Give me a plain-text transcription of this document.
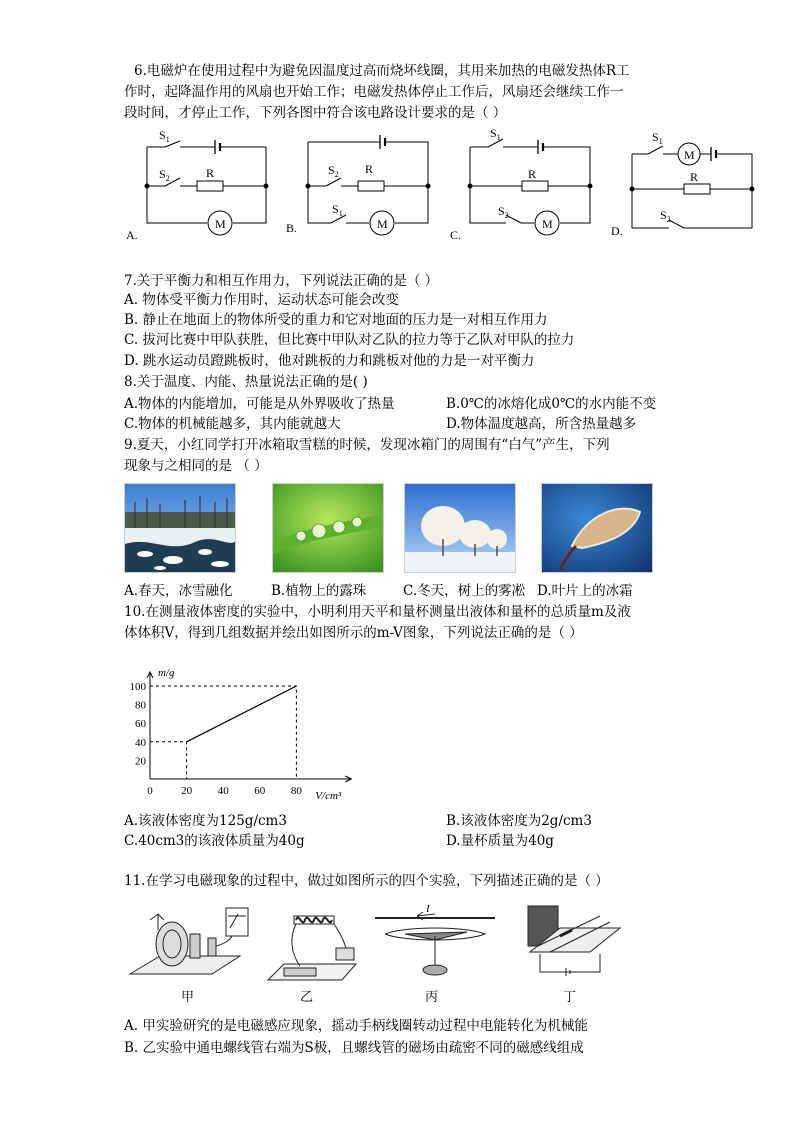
6.电磁炉在使用过程中为避免因温度过高而烧坏线圈，其用来加热的电磁发热体R工
作时，起降温作用的风扇也开始工作；电磁发热体停止工作后，风扇还会继续工作一
段时间，才停止工作，下列各图中符合该电路设计要求的是（ ）
$S_1$
$S_2$	R
M
A.
$S_2$ R
$S_1$
M
B.
$S_1$
R
$S_2$
M
C.
$S_1$
M
R
$S_2$
D.
7.关于平衡力和相互作用力，下列说法正确的是（ ）
A. 物体受平衡力作用时，运动状态可能会改变
B. 静止在地面上的物体所受的重力和它对地面的压力是一对相互作用力
C. 拔河比赛中甲队获胜，但比赛中甲队对乙队的拉力等于乙队对甲队的拉力
D. 跳水运动员蹬跳板时，他对跳板的力和跳板对他的力是一对平衡力
8.关于温度、内能、热量说法正确的是( )
A.物体的内能增加，可能是从外界吸收了热量	B.0℃的冰熔化成0℃的水内能不变
C.物体的机械能越多，其内能就越大	D.物体温度越高，所含热量越多
9.夏天，小红同学打开冰箱取雪糕的时候，发现冰箱门的周围有“白气”产生，下列
现象与之相同的是 （ ）
A.春天，冰雪融化	B.植物上的露珠	C.冬天，树上的雾凇 D.叶片上的冰霜
10.在测量液体密度的实验中，小明利用天平和量杯测量出液体和量杯的总质量m及液
体体积V，得到几组数据并绘出如图所示的m-V图象，下列说法正确的是（ ）
0	20 40 60 80
20
40
60
80
100
m/g
V/cm³
A.该液体密度为125g/cm3	B.该液体密度为2g/cm3
C.40cm3的该液体质量为40g	D.量杯质量为40g
11.在学习电磁现象的过程中，做过如图所示的四个实验，下列描述正确的是（ ）
I
甲	乙	丙	丁
A. 甲实验研究的是电磁感应现象，摇动手柄线圈转动过程中电能转化为机械能
B. 乙实验中通电螺线管右端为S极，且螺线管的磁场由疏密不同的磁感线组成
